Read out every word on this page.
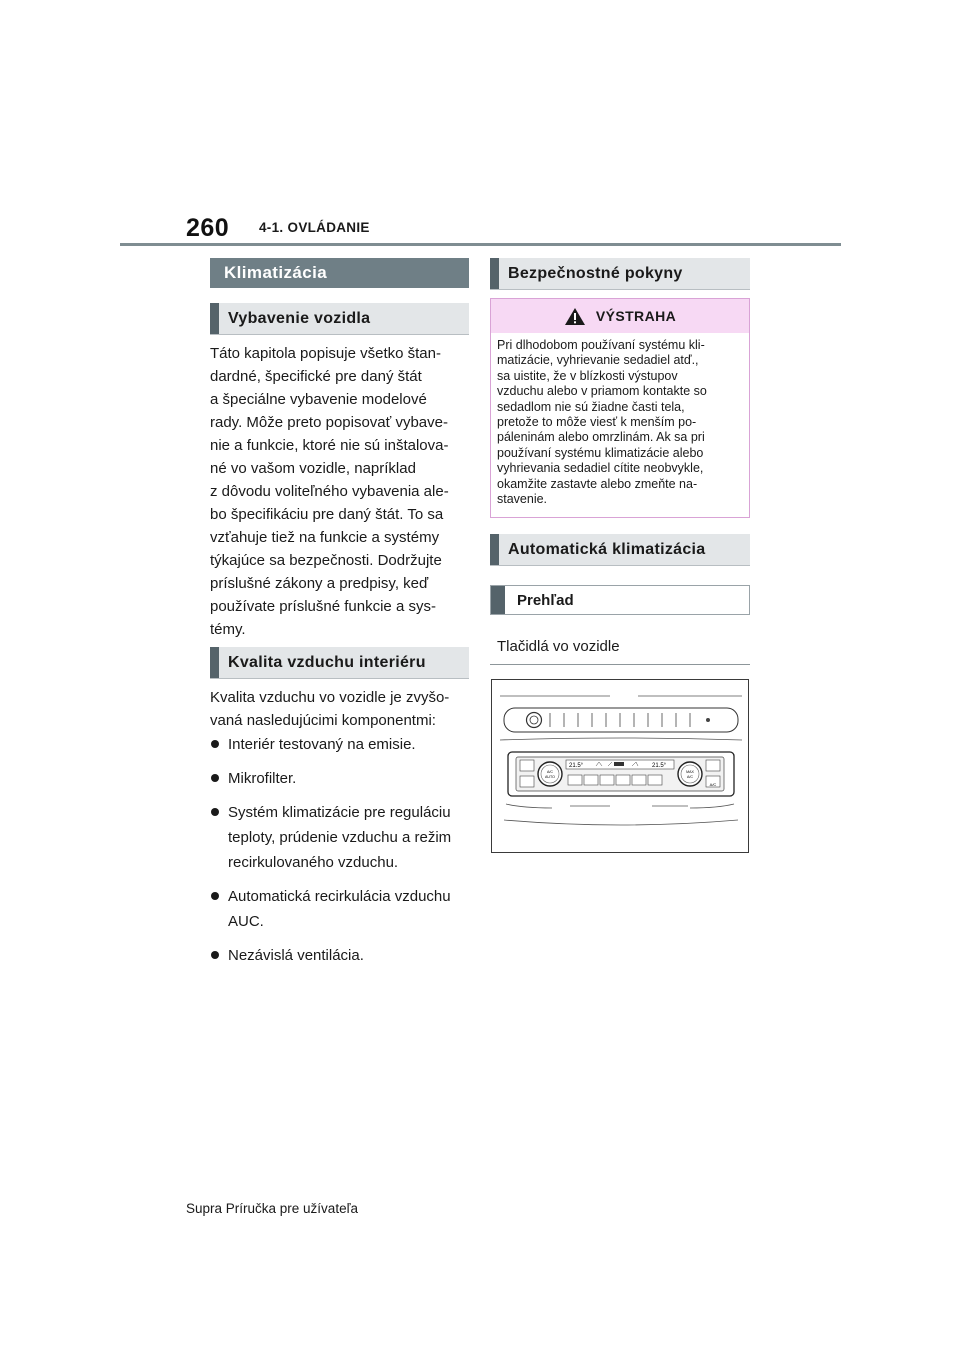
260 4-1. OVLÁDANIE
Klimatizácia
Vybavenie vozidla
Táto kapitola popisuje všetko štan-
dardné, špecifické pre daný štát
a špeciálne vybavenie modelové
rady. Môže preto popisovať vybave-
nie a funkcie, ktoré nie sú inštalova-
né vo vašom vozidle, napríklad
z dôvodu voliteľného vybavenia ale-
bo špecifikáciu pre daný štát. To sa
vzťahuje tiež na funkcie a systémy
týkajúce sa bezpečnosti. Dodržujte
príslušné zákony a predpisy, keď
používate príslušné funkcie a sys-
témy.
Kvalita vzduchu interiéru
Kvalita vzduchu vo vozidle je zvyšo-
vaná nasledujúcimi komponentmi:
Interiér testovaný na emisie.
Mikrofilter.
Systém klimatizácie pre reguláciu
teploty, prúdenie vzduchu a režim
recirkulovaného vzduchu.
Automatická recirkulácia vzduchu
AUC.
Nezávislá ventilácia.
Bezpečnostné pokyny
VÝSTRAHA
Pri dlhodobom používaní systému kli-
matizácie, vyhrievanie sedadiel atď.,
sa uistite, že v blízkosti výstupov
vzduchu alebo v priamom kontakte so
sedadlom nie sú žiadne časti tela,
pretože to môže viesť k menším po-
páleninám alebo omrzlinám. Ak sa pri
používaní systému klimatizácie alebo
vyhrievania sedadiel cítite neobvykle,
okamžite zastavte alebo zmeňte na-
stavenie.
Automatická klimatizácia
Prehľad
Tlačidlá vo vozidle
A/C
AUTO
MAX
A/C
21.5°	21.5°
A/C
Supra Príručka pre užívateľa
